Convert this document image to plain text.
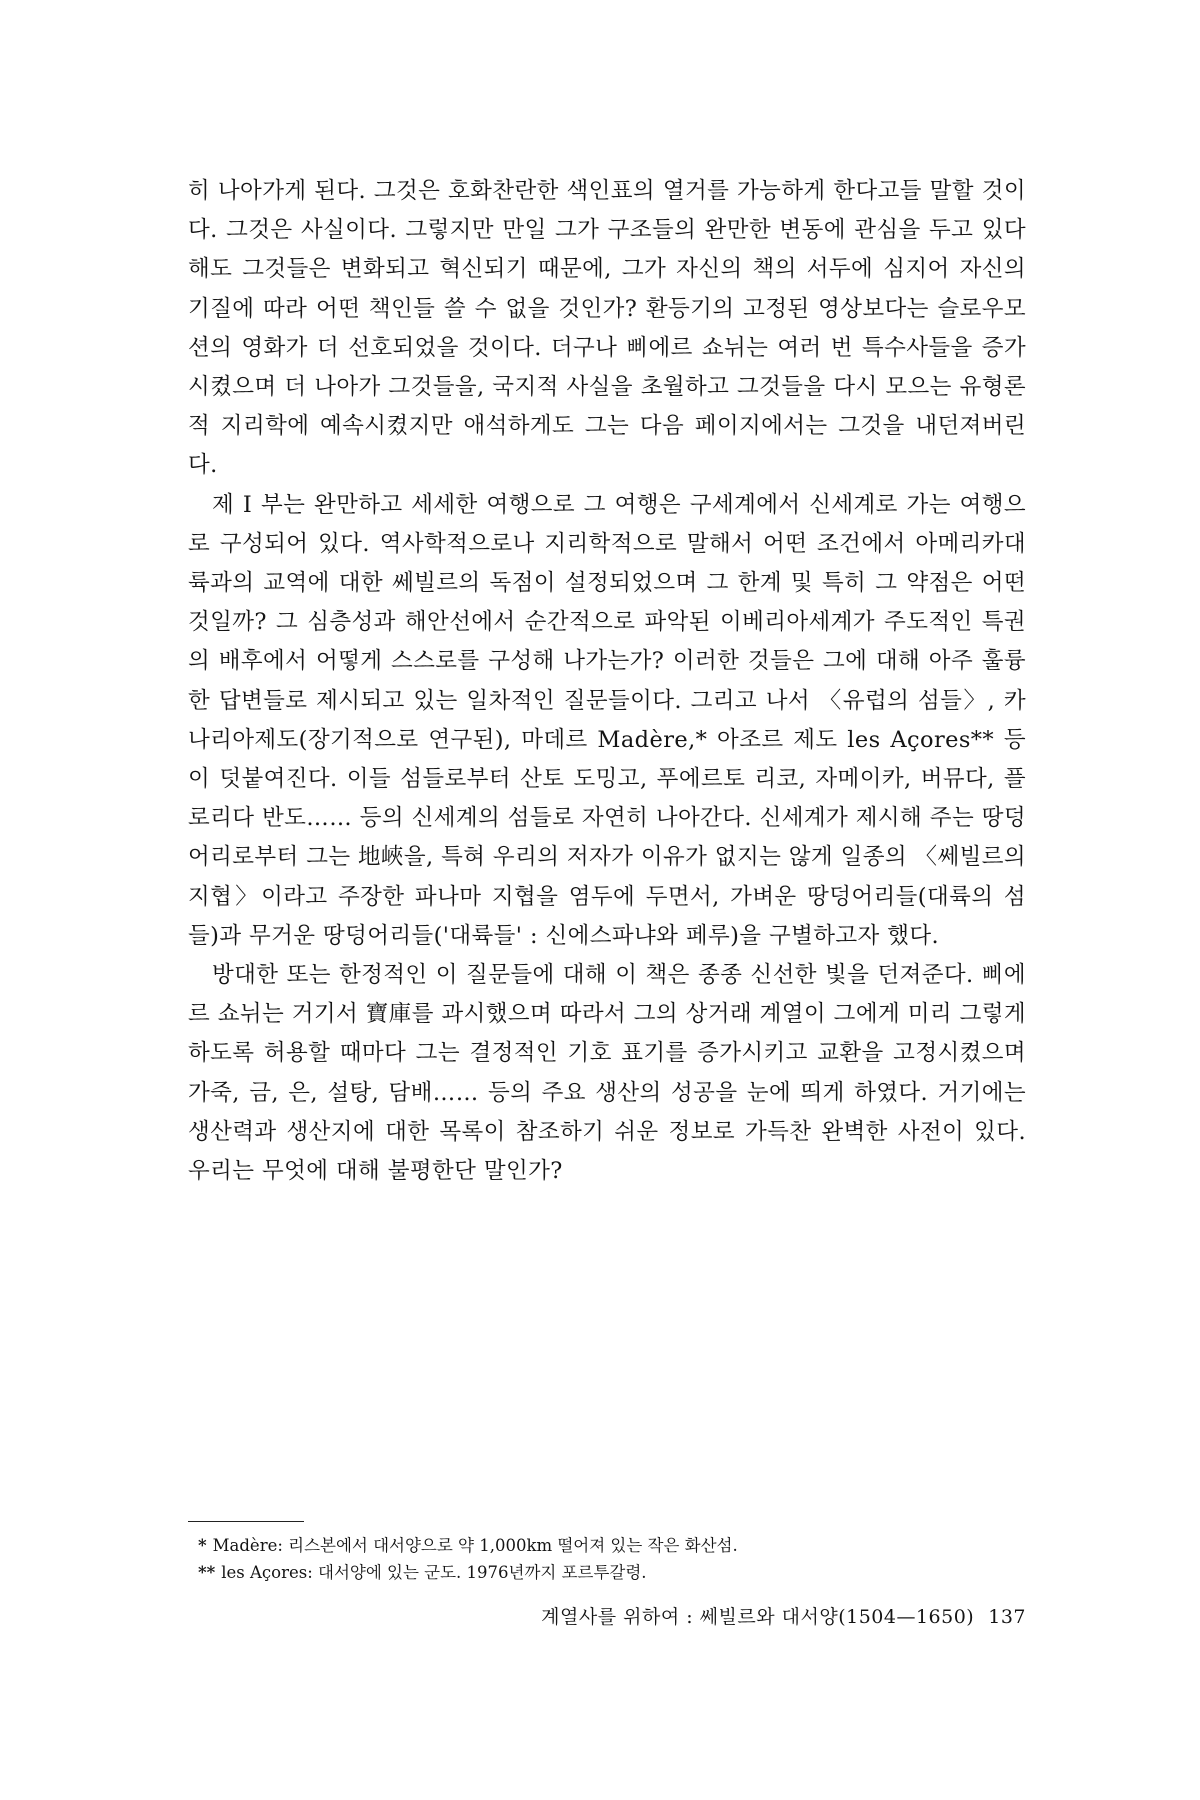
히 나아가게 된다. 그것은 호화찬란한 색인표의 열거를 가능하게 한다고들 말할 것이다. 그것은 사실이다. 그렇지만 만일 그가 구조들의 완만한 변동에 관심을 두고 있다 해도 그것들은 변화되고 혁신되기 때문에, 그가 자신의 책의 서두에 심지어 자신의 기질에 따라 어떤 책인들 쓸 수 없을 것인가? 환등기의 고정된 영상보다는 슬로우모션의 영화가 더 선호되었을 것이다. 더구나 삐에르 쇼뉘는 여러 번 특수사들을 증가시켰으며 더 나아가 그것들을, 국지적 사실을 초월하고 그것들을 다시 모으는 유형론적 지리학에 예속시켰지만 애석하게도 그는 다음 페이지에서는 그것을 내던져버린다.

제 I 부는 완만하고 세세한 여행으로 그 여행은 구세계에서 신세계로 가는 여행으로 구성되어 있다. 역사학적으로나 지리학적으로 말해서 어떤 조건에서 아메리카대륙과의 교역에 대한 쎄빌르의 독점이 설정되었으며 그 한계 및 특히 그 약점은 어떤 것일까? 그 심층성과 해안선에서 순간적으로 파악된 이베리아세계가 주도적인 특권의 배후에서 어떻게 스스로를 구성해 나가는가? 이러한 것들은 그에 대해 아주 훌륭한 답변들로 제시되고 있는 일차적인 질문들이다. 그리고 나서 〈유럽의 섬들〉, 카나리아제도(장기적으로 연구된), 마데르 Madère,* 아조르 제도 les Açores** 등이 덧붙여진다. 이들 섬들로부터 산토 도밍고, 푸에르토 리코, 자메이카, 버뮤다, 플로리다 반도…… 등의 신세계의 섬들로 자연히 나아간다. 신세계가 제시해 주는 땅덩어리로부터 그는 地峽을, 특혀 우리의 저자가 이유가 없지는 않게 일종의 〈쎄빌르의 지협〉이라고 주장한 파나마 지협을 염두에 두면서, 가벼운 땅덩어리들(대륙의 섬들)과 무거운 땅덩어리들('대륙들' : 신에스파냐와 페루)을 구별하고자 했다.

방대한 또는 한정적인 이 질문들에 대해 이 책은 종종 신선한 빛을 던져준다. 삐에르 쇼뉘는 거기서 寶庫를 과시했으며 따라서 그의 상거래 계열이 그에게 미리 그렇게 하도록 허용할 때마다 그는 결정적인 기호 표기를 증가시키고 교환을 고정시켰으며 가죽, 금, 은, 설탕, 담배…… 등의 주요 생산의 성공을 눈에 띄게 하였다. 거기에는 생산력과 생산지에 대한 목록이 참조하기 쉬운 정보로 가득찬 완벽한 사전이 있다. 우리는 무엇에 대해 불평한단 말인가?

* Madère: 리스본에서 대서양으로 약 1,000km 떨어져 있는 작은 화산섬.
** les Açores: 대서양에 있는 군도. 1976년까지 포르투갈령.
계열사를 위하여 : 쎄빌르와 대서양(1504—1650) 137
